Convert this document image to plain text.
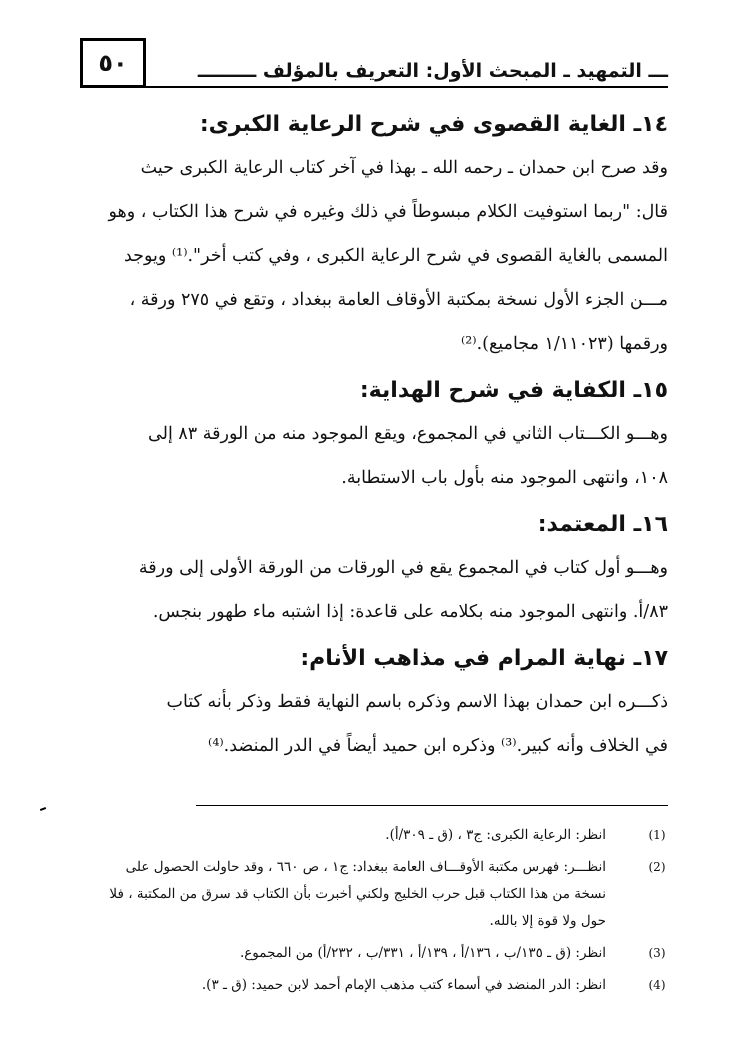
٥٠	ـــ التمهيد ـ المبحث الأول: التعريف بالمؤلف ـــــــــ
١٤ـ الغاية القصوى في شرح الرعاية الكبرى:
وقد صرح ابن حمدان ـ رحمه الله ـ بهذا في آخر كتاب الرعاية الكبرى حيث
قال: "ربما استوفيت الكلام مبسوطاً في ذلك وغيره في شرح هذا الكتاب ، وهو
المسمى بالغاية القصوى في شرح الرعاية الكبرى ، وفي كتب أخر".⁽¹⁾ ويوجد
مـــن الجزء الأول نسخة بمكتبة الأوقاف العامة ببغداد ، وتقع في ٢٧٥ ورقة ،
ورقمها (١/١١٠٢٣ مجاميع).⁽²⁾
١٥ـ الكفاية في شرح الهداية:
وهـــو الكـــتاب الثاني في المجموع، ويقع الموجود منه من الورقة ٨٣ إلى
١٠٨، وانتهى الموجود منه بأول باب الاستطابة.
١٦ـ المعتمد:
وهـــو أول كتاب في المجموع يقع في الورقات من الورقة الأولى إلى ورقة
٨٣/أ. وانتهى الموجود منه بكلامه على قاعدة: إذا اشتبه ماء طهور بنجس.
١٧ـ نهاية المرام في مذاهب الأنام:
ذكـــره ابن حمدان بهذا الاسم وذكره باسم النهاية فقط وذكر بأنه كتاب
في الخلاف وأنه كبير.⁽³⁾ وذكره ابن حميد أيضاً في الدر المنضد.⁽⁴⁾
(1)
انظر: الرعاية الكبرى: ج٣ ، (ق ـ ٣٠٩/أ).
(2)
انظـــر: فهرس مكتبة الأوقـــاف العامة ببغداد: ج١ ، ص ٦٦٠ ، وقد حاولت الحصول على
نسخة من هذا الكتاب قبل حرب الخليج ولكني أخبرت بأن الكتاب قد سرق من المكتبة ، فلا
حول ولا قوة إلا بالله.
(3)
انظر: (ق ـ ١٣٥/ب ، ١٣٦/أ ، ١٣٩/أ ، ٣٣١/ب ، ٢٣٢/أ) من المجموع.
(4)
انظر: الدر المنضد في أسماء كتب مذهب الإمام أحمد لابن حميد: (ق ـ ٣).
